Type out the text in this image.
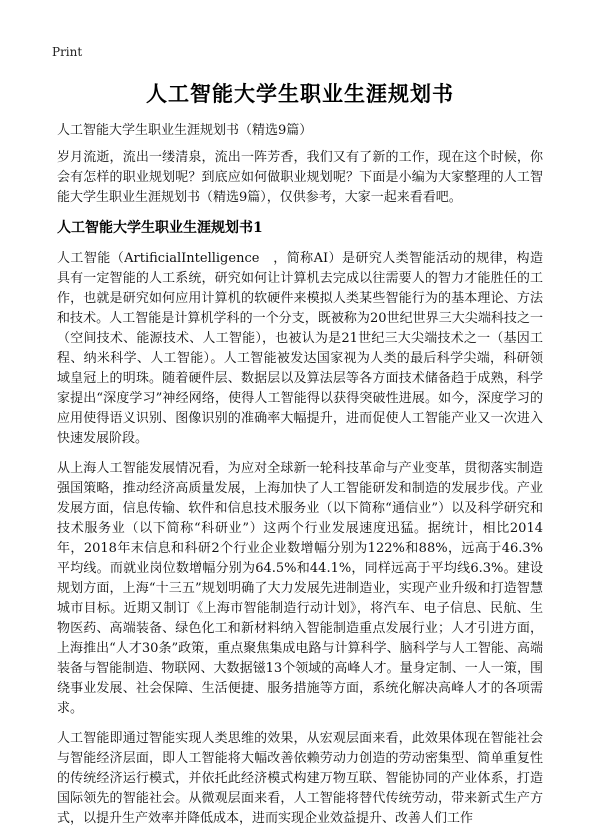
Print
人工智能大学生职业生涯规划书

人工智能大学生职业生涯规划书（精选9篇）

岁月流逝，流出一缕清泉，流出一阵芳香，我们又有了新的工作，现在这个时候，你会有怎样的职业规划呢？到底应如何做职业规划呢？下面是小编为大家整理的人工智能大学生职业生涯规划书（精选9篇），仅供参考，大家一起来看看吧。

人工智能大学生职业生涯规划书1

人工智能（ArtificialIntelligence　，简称AI）是研究人类智能活动的规律，构造具有一定智能的人工系统，研究如何让计算机去完成以往需要人的智力才能胜任的工作，也就是研究如何应用计算机的软硬件来模拟人类某些智能行为的基本理论、方法和技术。人工智能是计算机学科的一个分支，既被称为20世纪世界三大尖端科技之一（空间技术、能源技术、人工智能），也被认为是21世纪三大尖端技术之一（基因工程、纳米科学、人工智能）。人工智能被发达国家视为人类的最后科学尖端，科研领域皇冠上的明珠。随着硬件层、数据层以及算法层等各方面技术储备趋于成熟，科学家提出“深度学习”神经网络，使得人工智能得以获得突破性进展。如今，深度学习的应用使得语义识别、图像识别的准确率大幅提升，进而促使人工智能产业又一次进入快速发展阶段。

从上海人工智能发展情况看，为应对全球新一轮科技革命与产业变革，贯彻落实制造强国策略，推动经济高质量发展，上海加快了人工智能研发和制造的发展步伐。产业发展方面，信息传输、软件和信息技术服务业（以下简称“通信业”）以及科学研究和技术服务业（以下简称“科研业”）这两个行业发展速度迅猛。据统计，相比2014年，2018年末信息和科研2个行业企业数增幅分别为122%和88%，远高于46.3%平均线。而就业岗位数增幅分别为64.5%和44.1%，同样远高于平均线6.3%。建设规划方面，上海“十三五”规划明确了大力发展先进制造业，实现产业升级和打造智慧城市目标。近期又制订《上海市智能制造行动计划》，将汽车、电子信息、民航、生物医药、高端装备、绿色化工和新材料纳入智能制造重点发展行业；人才引进方面，上海推出“人才30条”政策，重点聚焦集成电路与计算科学、脑科学与人工智能、高端装备与智能制造、物联网、大数据镃13个领域的高峰人才。量身定制、一人一策，围绕事业发展、社会保障、生活便捷、服务措施等方面，系统化解决高峰人才的各项需求。

人工智能即通过智能实现人类思维的效果，从宏观层面来看，此效果体现在智能社会与智能经济层面，即人工智能将大幅改善依赖劳动力创造的劳动密集型、简单重复性的传统经济运行模式，并依托此经济模式构建万物互联、智能协同的产业体系，打造国际领先的智能社会。从微观层面来看，人工智能将替代传统劳动，带来新式生产方式，以提升生产效率并降低成本，进而实现企业效益提升、改善人们工作
